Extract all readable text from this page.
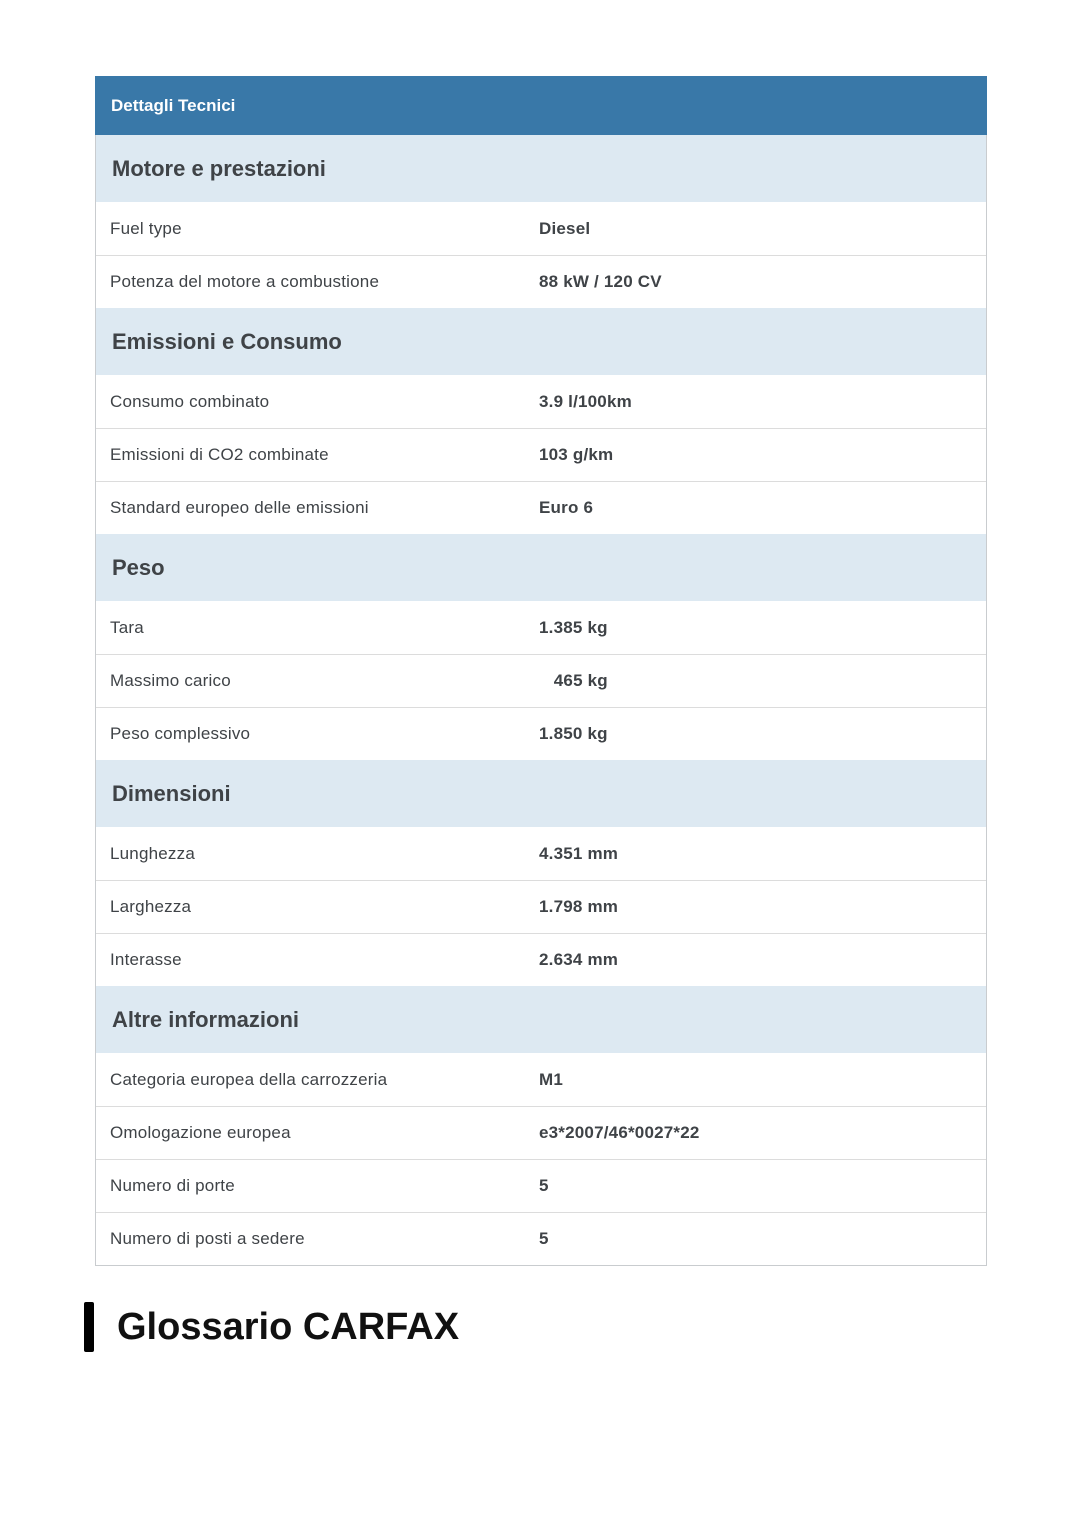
Dettagli Tecnici
Motore e prestazioni
Fuel type	Diesel
Potenza del motore a combustione	88 kW / 120 CV
Emissioni e Consumo
Consumo combinato	3.9 l/100km
Emissioni di CO2 combinate	103 g/km
Standard europeo delle emissioni	Euro 6
Peso
Tara	1.385 kg
Massimo carico	465 kg
Peso complessivo	1.850 kg
Dimensioni
Lunghezza	4.351 mm
Larghezza	1.798 mm
Interasse	2.634 mm
Altre informazioni
Categoria europea della carrozzeria	M1
Omologazione europea	e3*2007/46*0027*22
Numero di porte	5
Numero di posti a sedere	5
Glossario CARFAX
